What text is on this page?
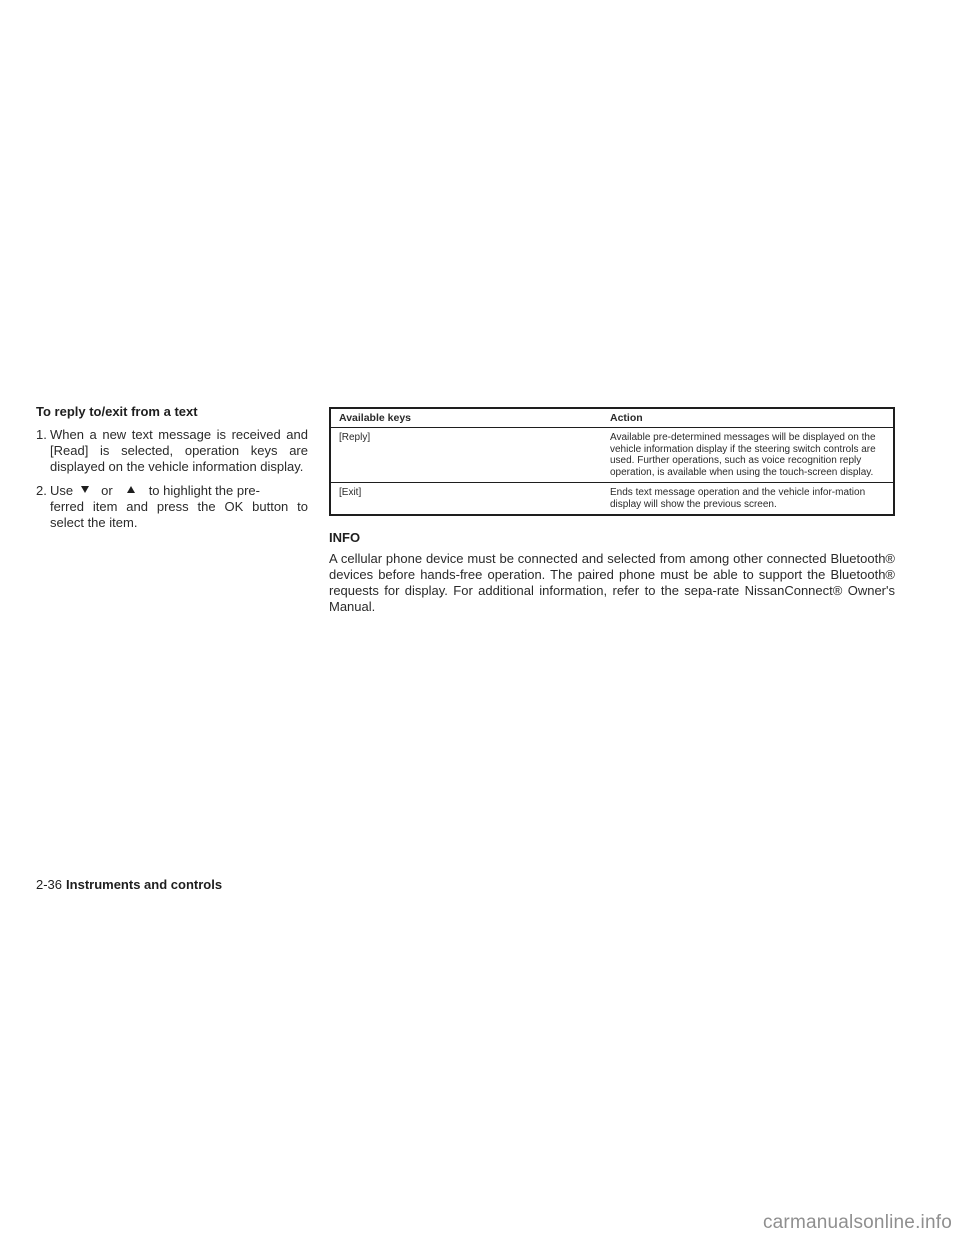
To reply to/exit from a text
1. When a new text message is received and [Read] is selected, operation keys are displayed on the vehicle information display.
2. Use or	to highlight the pre-
ferred item and press the OK button to select the item.
Available keys	Action
[Reply]	Available pre-determined messages will be displayed on the vehicle information display if the steering switch controls are used. Further operations, such as voice recognition reply operation, is available when using the touch-screen display.
[Exit]	Ends text message operation and the vehicle infor-mation display will show the previous screen.
INFO

A cellular phone device must be connected and selected from among other connected Bluetooth® devices before hands-free operation. The paired phone must be able to support the Bluetooth® requests for display. For additional information, refer to the sepa-rate NissanConnect® Owner's Manual.

2-36 Instruments and controls
carmanualsonline.info
